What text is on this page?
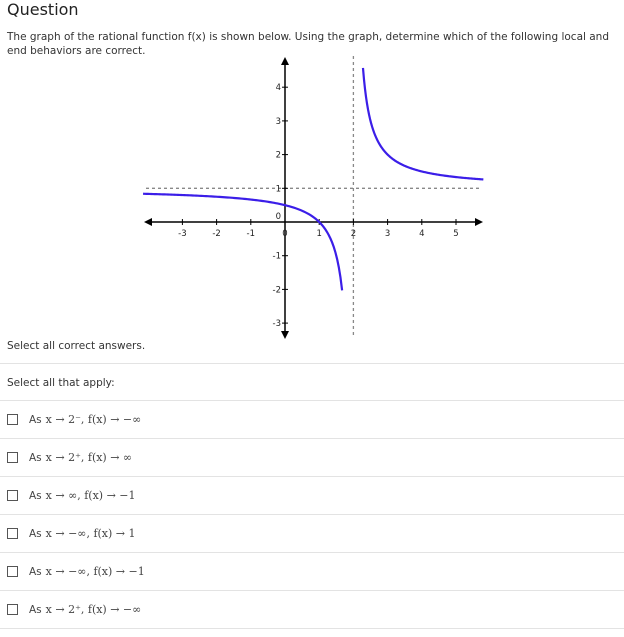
Question
The graph of the rational function f(x) is shown below. Using the graph, determine which of the following local and end behaviors are correct.
-3	-2	-1	0	1	2	3	4	5
4
3
2
1
0
-1
-2
-3
Select all correct answers.
Select all that apply:
As x → 2⁻, f(x) → −∞
As x → 2⁺, f(x) → ∞
As x → ∞, f(x) → −1
As x → −∞, f(x) → 1
As x → −∞, f(x) → −1
As x → 2⁺, f(x) → −∞
